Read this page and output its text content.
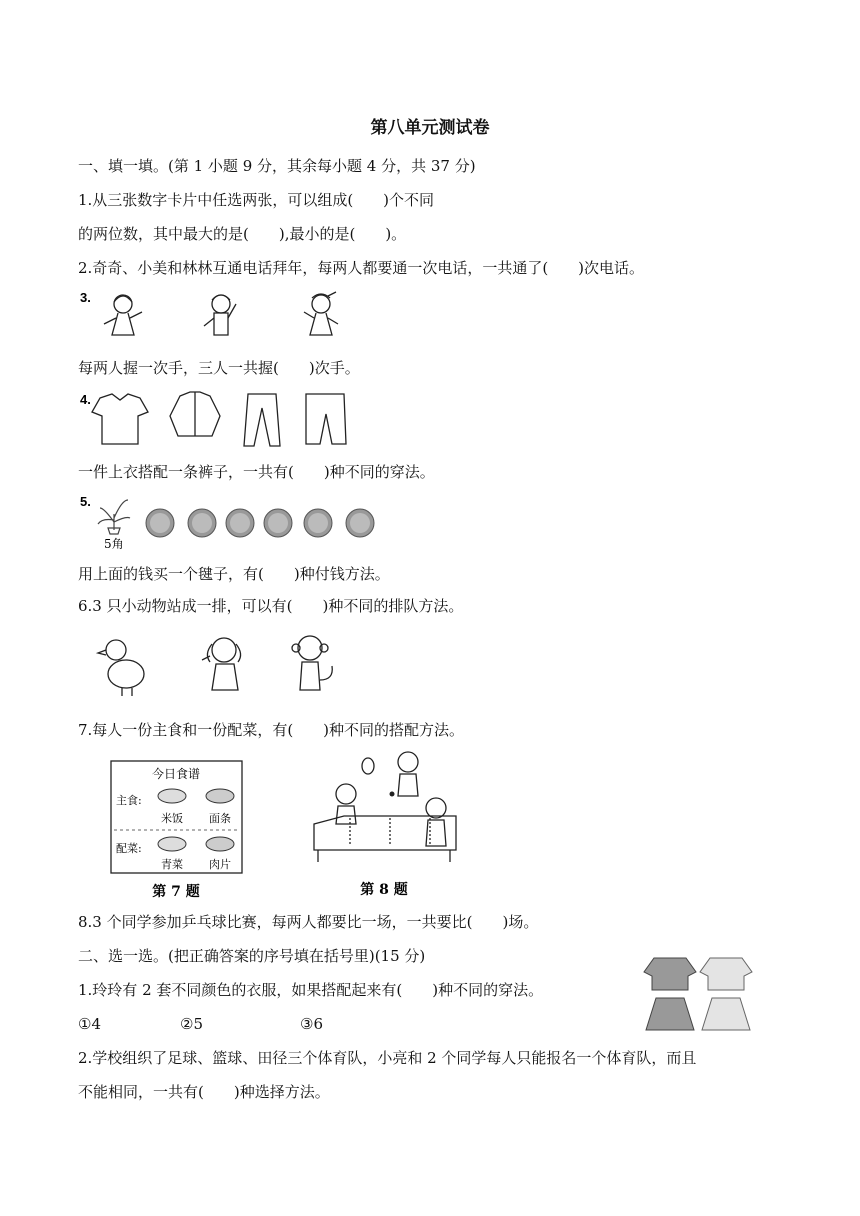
第八单元测试卷
一、填一填。(第 1 小题 9 分，其余每小题 4 分，共 37 分)
1.从三张数字卡片中任选两张，可以组成(　　)个不同
的两位数，其中最大的是(　　),最小的是(　　)。
2.奇奇、小美和林林互通电话拜年，每两人都要通一次电话，一共通了(　　)次电话。
3.
每两人握一次手，三人一共握(　　)次手。
4.
一件上衣搭配一条裤子，一共有(　　)种不同的穿法。
5.
5角
用上面的钱买一个毽子，有(　　)种付钱方法。
6.3 只小动物站成一排，可以有(　　)种不同的排队方法。
7.每人一份主食和一份配菜，有(　　)种不同的搭配方法。
今日食谱
主食:
米饭 面条
配菜:
青菜 肉片
第 7 题	第 8 题
8.3 个同学参加乒乓球比赛，每两人都要比一场，一共要比(　　)场。
二、选一选。(把正确答案的序号填在括号里)(15 分)
1.玲玲有 2 套不同颜色的衣服，如果搭配起来有(　　)种不同的穿法。
①4	②5	③6
2.学校组织了足球、篮球、田径三个体育队，小亮和 2 个同学每人只能报名一个体育队，而且
不能相同，一共有(　　)种选择方法。
